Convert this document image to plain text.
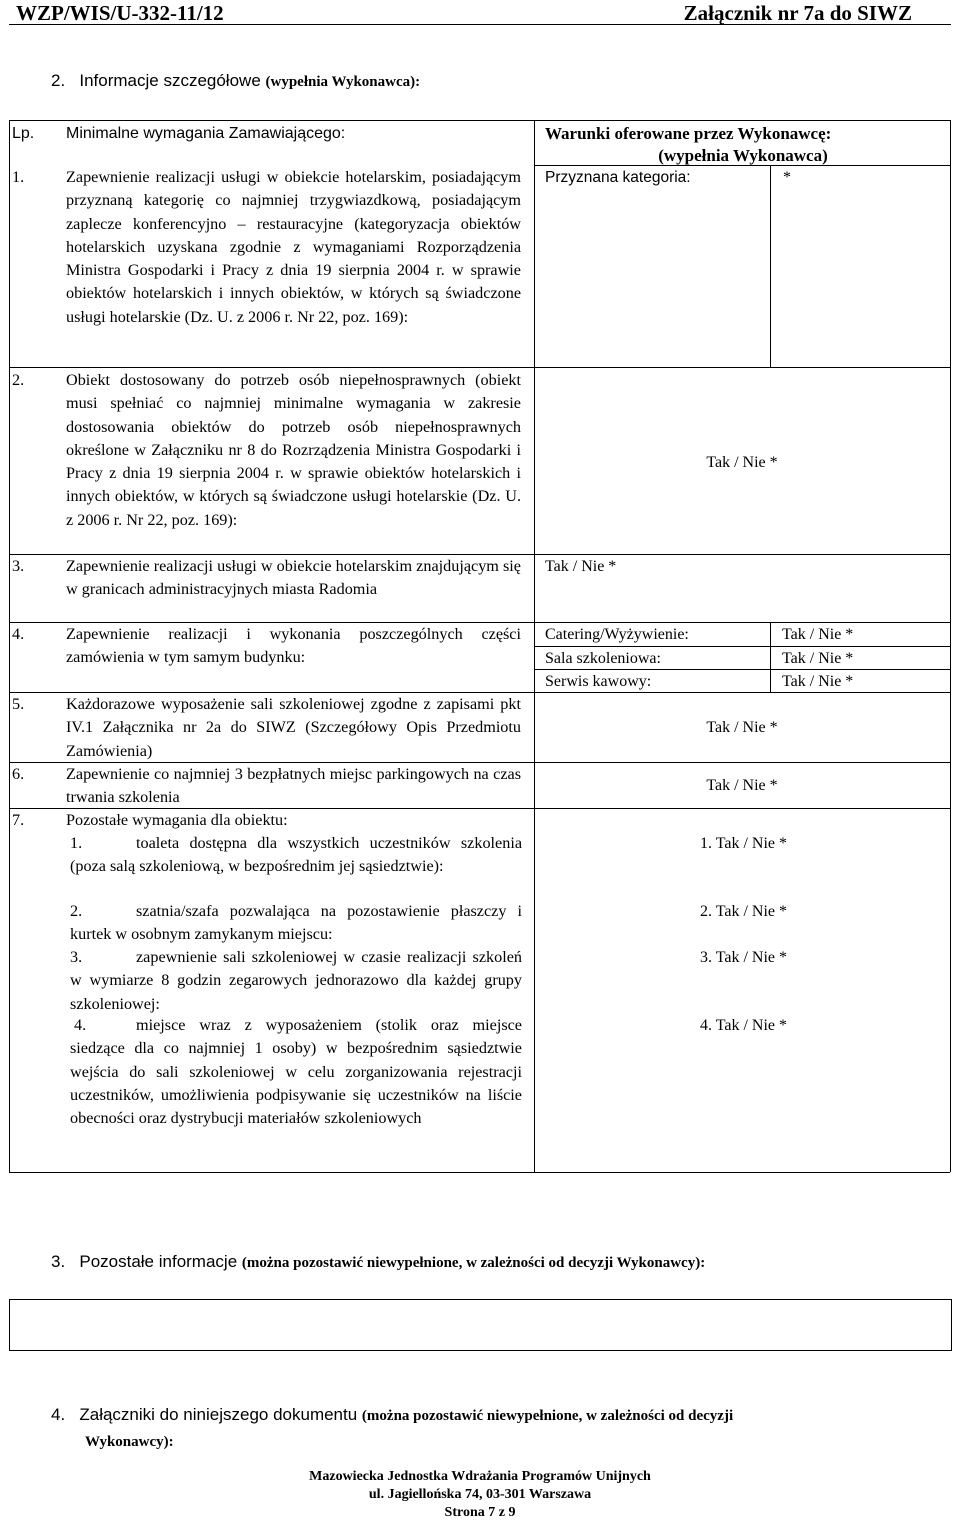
WZP/WIS/U-332-11/12	Załącznik nr 7a do SIWZ
2. Informacje szczegółowe (wypełnia Wykonawca):
Lp. Minimalne wymagania Zamawiającego:	Warunki oferowane przez Wykonawcę:
(wypełnia Wykonawca)
1.	Zapewnienie realizacji usługi w obiekcie hotelarskim, posiadającym przyznaną kategorię co najmniej trzygwiazdkową, posiadającym zaplecze konferencyjno – restauracyjne (kategoryzacja obiektów hotelarskich uzyskana zgodnie z wymaganiami Rozporządzenia Ministra Gospodarki i Pracy z dnia 19 sierpnia 2004 r. w sprawie obiektów hotelarskich i innych obiektów, w których są świadczone usługi hotelarskie (Dz. U. z 2006 r. Nr 22, poz. 169):
Przyznana kategoria:	*
2.	Obiekt dostosowany do potrzeb osób niepełnosprawnych (obiekt musi spełniać co najmniej minimalne wymagania w zakresie dostosowania obiektów do potrzeb osób niepełnosprawnych określone w Załączniku nr 8 do Rozrządzenia Ministra Gospodarki i Pracy z dnia 19 sierpnia 2004 r. w sprawie obiektów hotelarskich i innych obiektów, w których są świadczone usługi hotelarskie (Dz. U. z 2006 r. Nr 22, poz. 169):
Tak / Nie *
3.	Zapewnienie realizacji usługi w obiekcie hotelarskim znajdującym się w granicach administracyjnych miasta Radomia
Tak / Nie *
4.	Zapewnienie realizacji i wykonania poszczególnych części zamówienia w tym samym budynku:
Catering/Wyżywienie:	Tak / Nie *
Sala szkoleniowa:	Tak / Nie *
Serwis kawowy:	Tak / Nie *
5.	Każdorazowe wyposażenie sali szkoleniowej zgodne z zapisami pkt IV.1 Załącznika nr 2a do SIWZ (Szczegółowy Opis Przedmiotu Zamówienia)
Tak / Nie *
6.	Zapewnienie co najmniej 3 bezpłatnych miejsc parkingowych na czas trwania szkolenia
Tak / Nie *
7.	Pozostałe wymagania dla obiektu:
1.	toaleta dostępna dla wszystkich uczestników szkolenia (poza salą szkoleniową, w bezpośrednim jej sąsiedztwie):
1. Tak / Nie *
2.	szatnia/szafa pozwalająca na pozostawienie płaszczy i kurtek w osobnym zamykanym miejscu:
2. Tak / Nie *
3.	zapewnienie sali szkoleniowej w czasie realizacji szkoleń w wymiarze 8 godzin zegarowych jednorazowo dla każdej grupy szkoleniowej:
3. Tak / Nie *
4.	miejsce wraz z wyposażeniem (stolik oraz miejsce siedzące dla co najmniej 1 osoby) w bezpośrednim sąsiedztwie wejścia do sali szkoleniowej w celu zorganizowania rejestracji uczestników, umożliwienia podpisywanie się uczestników na liście obecności oraz dystrybucji materiałów szkoleniowych
4. Tak / Nie *
3. Pozostałe informacje (można pozostawić niewypełnione, w zależności od decyzji Wykonawcy):
4. Załączniki do niniejszego dokumentu (można pozostawić niewypełnione, w zależności od decyzji
Wykonawcy):
Mazowiecka Jednostka Wdrażania Programów Unijnych
ul. Jagiellońska 74, 03-301 Warszawa
Strona 7 z 9
